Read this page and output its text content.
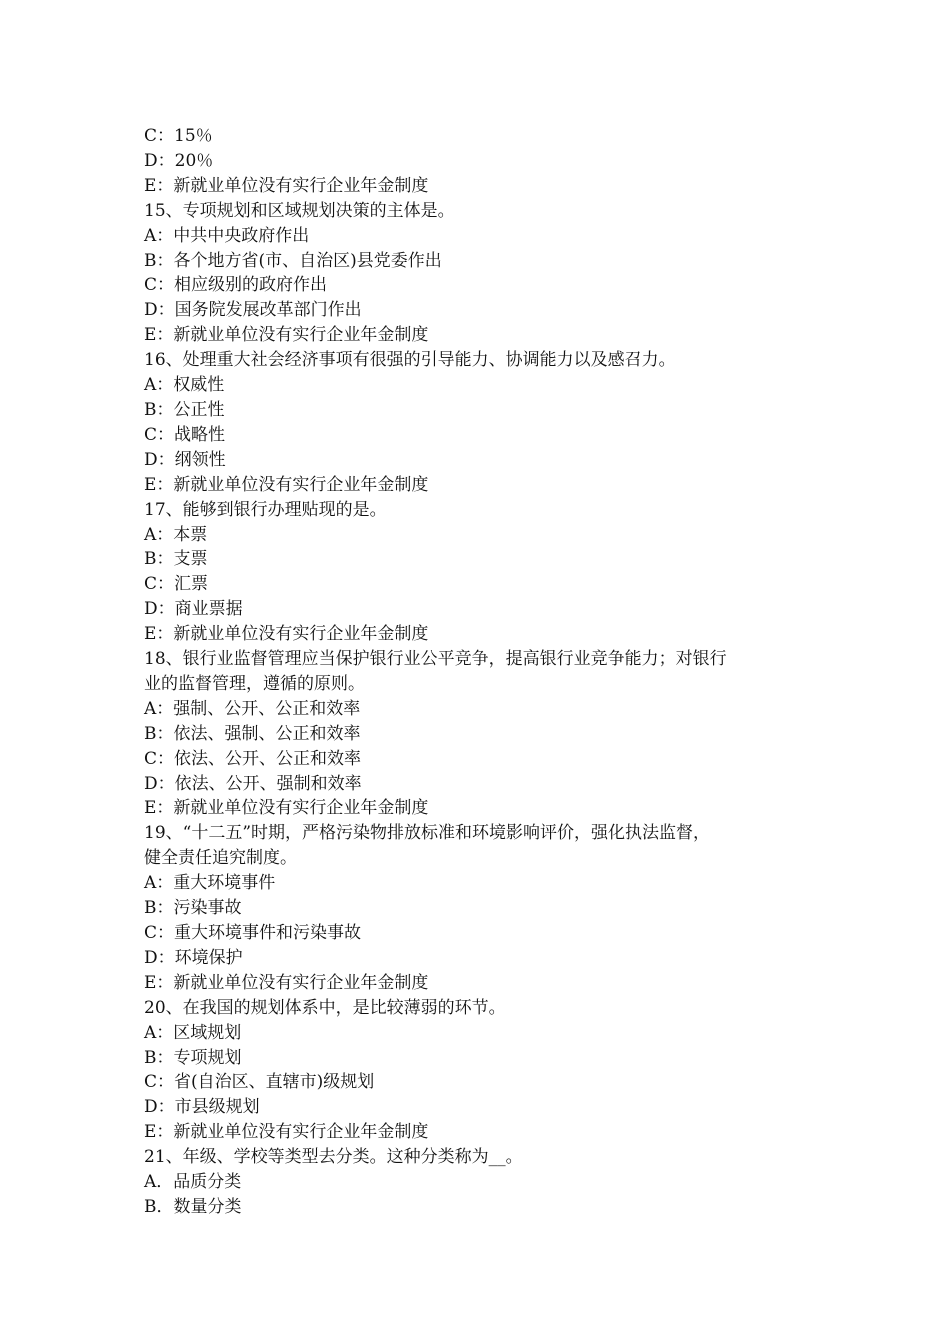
C：15％
D：20％
E：新就业单位没有实行企业年金制度
15、专项规划和区域规划决策的主体是。
A：中共中央政府作出
B：各个地方省(市、自治区)县党委作出
C：相应级别的政府作出
D：国务院发展改革部门作出
E：新就业单位没有实行企业年金制度
16、处理重大社会经济事项有很强的引导能力、协调能力以及感召力。
A：权威性
B：公正性
C：战略性
D：纲领性
E：新就业单位没有实行企业年金制度
17、能够到银行办理贴现的是。
A：本票
B：支票
C：汇票
D：商业票据
E：新就业单位没有实行企业年金制度
18、银行业监督管理应当保护银行业公平竞争，提高银行业竞争能力；对银行
业的监督管理，遵循的原则。
A：强制、公开、公正和效率
B：依法、强制、公正和效率
C：依法、公开、公正和效率
D：依法、公开、强制和效率
E：新就业单位没有实行企业年金制度
19、“十二五”时期，严格污染物排放标准和环境影响评价，强化执法监督，
健全责任追究制度。
A：重大环境事件
B：污染事故
C：重大环境事件和污染事故
D：环境保护
E：新就业单位没有实行企业年金制度
20、在我国的规划体系中，是比较薄弱的环节。
A：区域规划
B：专项规划
C：省(自治区、直辖市)级规划
D：市县级规划
E：新就业单位没有实行企业年金制度
21、年级、学校等类型去分类。这种分类称为__。
A．品质分类
B．数量分类
